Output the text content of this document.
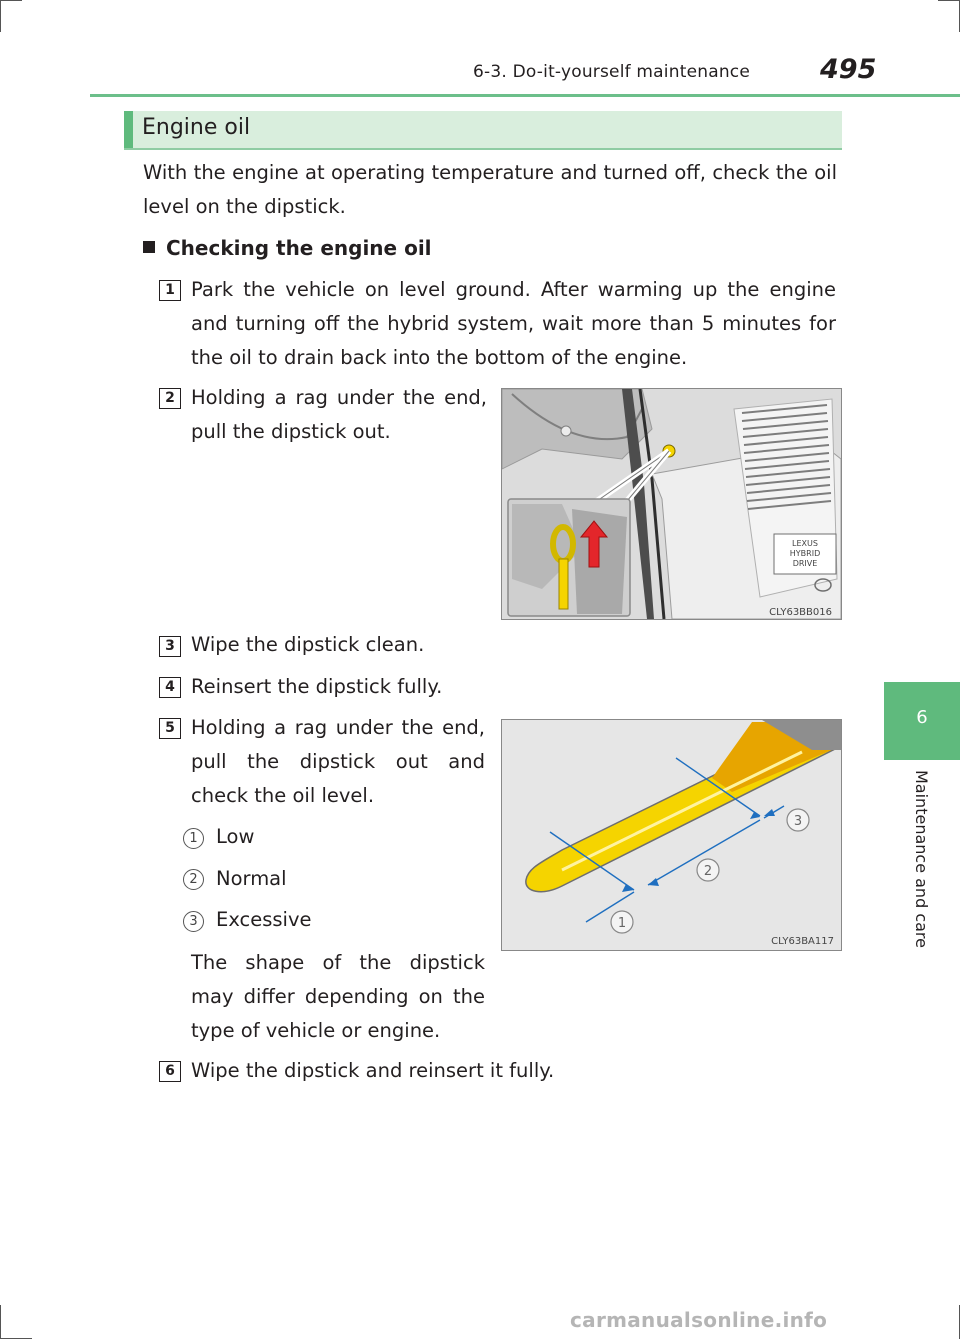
6-3. Do-it-yourself maintenance	495
6
Maintenance and care
Engine oil
With the engine at operating temperature and turned off, check the oil level on the dipstick.
Checking the engine oil
1 Park the vehicle on level ground. After warming up the engine and turning off the hybrid system, wait more than 5 minutes for the oil to drain back into the bottom of the engine.
2 Holding a rag under the end, pull the dipstick out.
LEXUS
HYBRID
DRIVE
CLY63BB016
3 Wipe the dipstick clean.
4 Reinsert the dipstick fully.
5 Holding a rag under the end, pull the dipstick out and check the oil level.
1 Low
2 Normal
3 Excessive
The shape of the dipstick may differ depending on the type of vehicle or engine.
1
2
3
CLY63BA117
6 Wipe the dipstick and reinsert it fully.
carmanualsonline.info
